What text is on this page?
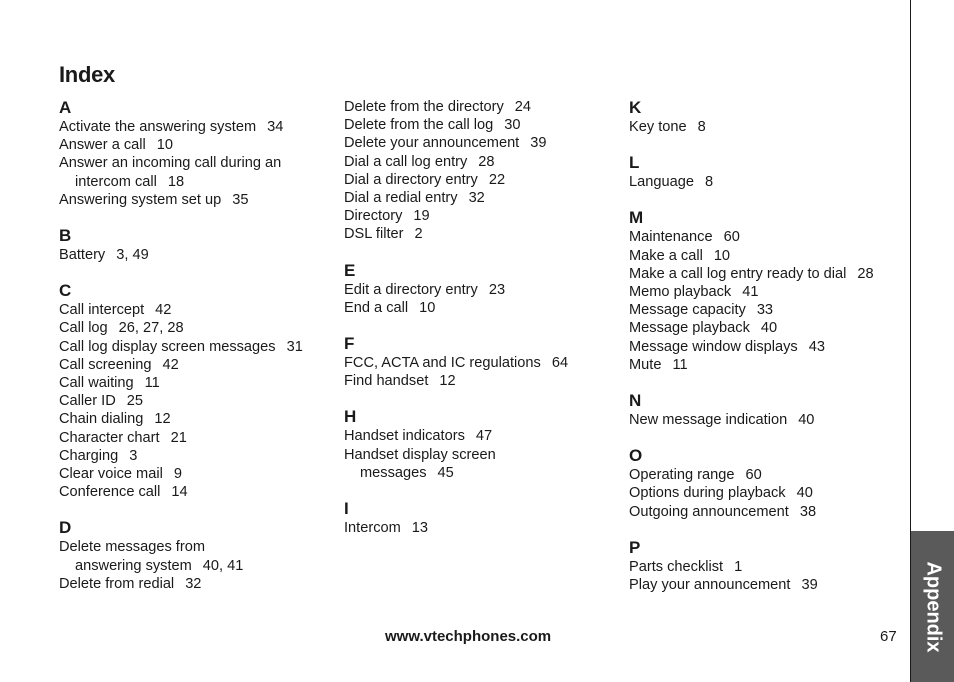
Index
A
Activate the answering system 34
Answer a call 10
Answer an incoming call during an
intercom call 18
Answering system set up 35
B
Battery 3, 49
C
Call intercept 42
Call log 26, 27, 28
Call log display screen messages 31
Call screening 42
Call waiting 11
Caller ID 25
Chain dialing 12
Character chart 21
Charging 3
Clear voice mail 9
Conference call 14
D
Delete messages from
answering system 40, 41
Delete from redial 32
Delete from the directory 24
Delete from the call log 30
Delete your announcement 39
Dial a call log entry 28
Dial a directory entry 22
Dial a redial entry 32
Directory 19
DSL filter 2
E
Edit a directory entry 23
End a call 10
F
FCC, ACTA and IC regulations 64
Find handset 12
H
Handset indicators 47
Handset display screen
messages 45
I
Intercom 13
K
Key tone 8
L
Language 8
M
Maintenance 60
Make a call 10
Make a call log entry ready to dial 28
Memo playback 41
Message capacity 33
Message playback 40
Message window displays 43
Mute 11
N
New message indication 40
O
Operating range 60
Options during playback 40
Outgoing announcement 38
P
Parts checklist 1
Play your announcement 39
www.vtechphones.com	67 Appendix
